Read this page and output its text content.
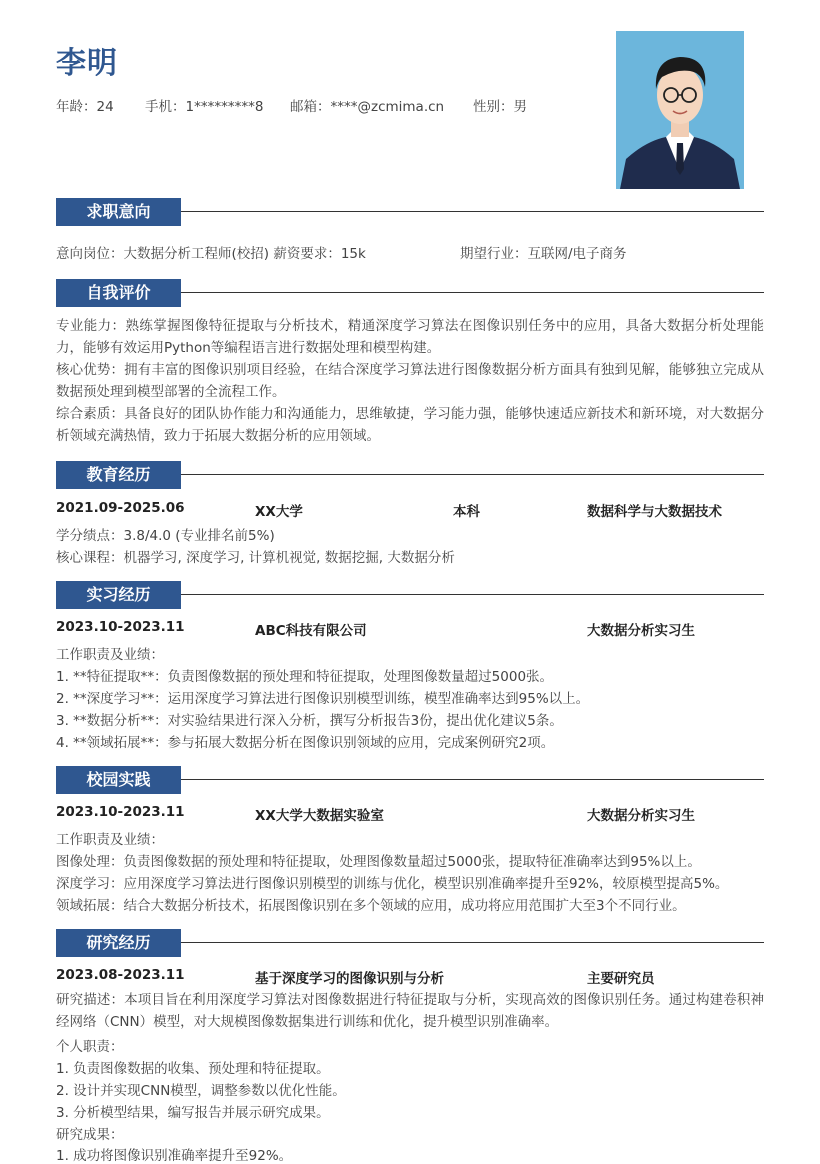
李明
年龄：24 手机：1*********8 邮箱：****@zcmima.cn 性别：男
求职意向
意向岗位：大数据分析工程师(校招) 薪资要求：15k	期望行业：互联网/电子商务
自我评价
专业能力：熟练掌握图像特征提取与分析技术，精通深度学习算法在图像识别任务中的应用，具备大数据分析处理能力，能够有效运用Python等编程语言进行数据处理和模型构建。
核心优势：拥有丰富的图像识别项目经验，在结合深度学习算法进行图像数据分析方面具有独到见解，能够独立完成从数据预处理到模型部署的全流程工作。
综合素质：具备良好的团队协作能力和沟通能力，思维敏捷，学习能力强，能够快速适应新技术和新环境，对大数据分析领域充满热情，致力于拓展大数据分析的应用领域。
教育经历
2021.09-2025.06	XX大学	本科	数据科学与大数据技术
学分绩点：3.8/4.0 (专业排名前5%)
核心课程：机器学习, 深度学习, 计算机视觉, 数据挖掘, 大数据分析
实习经历
2023.10-2023.11	ABC科技有限公司	大数据分析实习生
工作职责及业绩：
1. **特征提取**：负责图像数据的预处理和特征提取，处理图像数量超过5000张。
2. **深度学习**：运用深度学习算法进行图像识别模型训练，模型准确率达到95%以上。
3. **数据分析**：对实验结果进行深入分析，撰写分析报告3份，提出优化建议5条。
4. **领域拓展**：参与拓展大数据分析在图像识别领域的应用，完成案例研究2项。
校园实践
2023.10-2023.11	XX大学大数据实验室	大数据分析实习生
工作职责及业绩：
图像处理：负责图像数据的预处理和特征提取，处理图像数量超过5000张，提取特征准确率达到95%以上。
深度学习：应用深度学习算法进行图像识别模型的训练与优化，模型识别准确率提升至92%，较原模型提高5%。
领域拓展：结合大数据分析技术，拓展图像识别在多个领域的应用，成功将应用范围扩大至3个不同行业。
研究经历
2023.08-2023.11	基于深度学习的图像识别与分析	主要研究员
研究描述：本项目旨在利用深度学习算法对图像数据进行特征提取与分析，实现高效的图像识别任务。通过构建卷积神经网络（CNN）模型，对大规模图像数据集进行训练和优化，提升模型识别准确率。
个人职责：
1. 负责图像数据的收集、预处理和特征提取。
2. 设计并实现CNN模型，调整参数以优化性能。
3. 分析模型结果，编写报告并展示研究成果。
研究成果：
1. 成功将图像识别准确率提升至92%。
